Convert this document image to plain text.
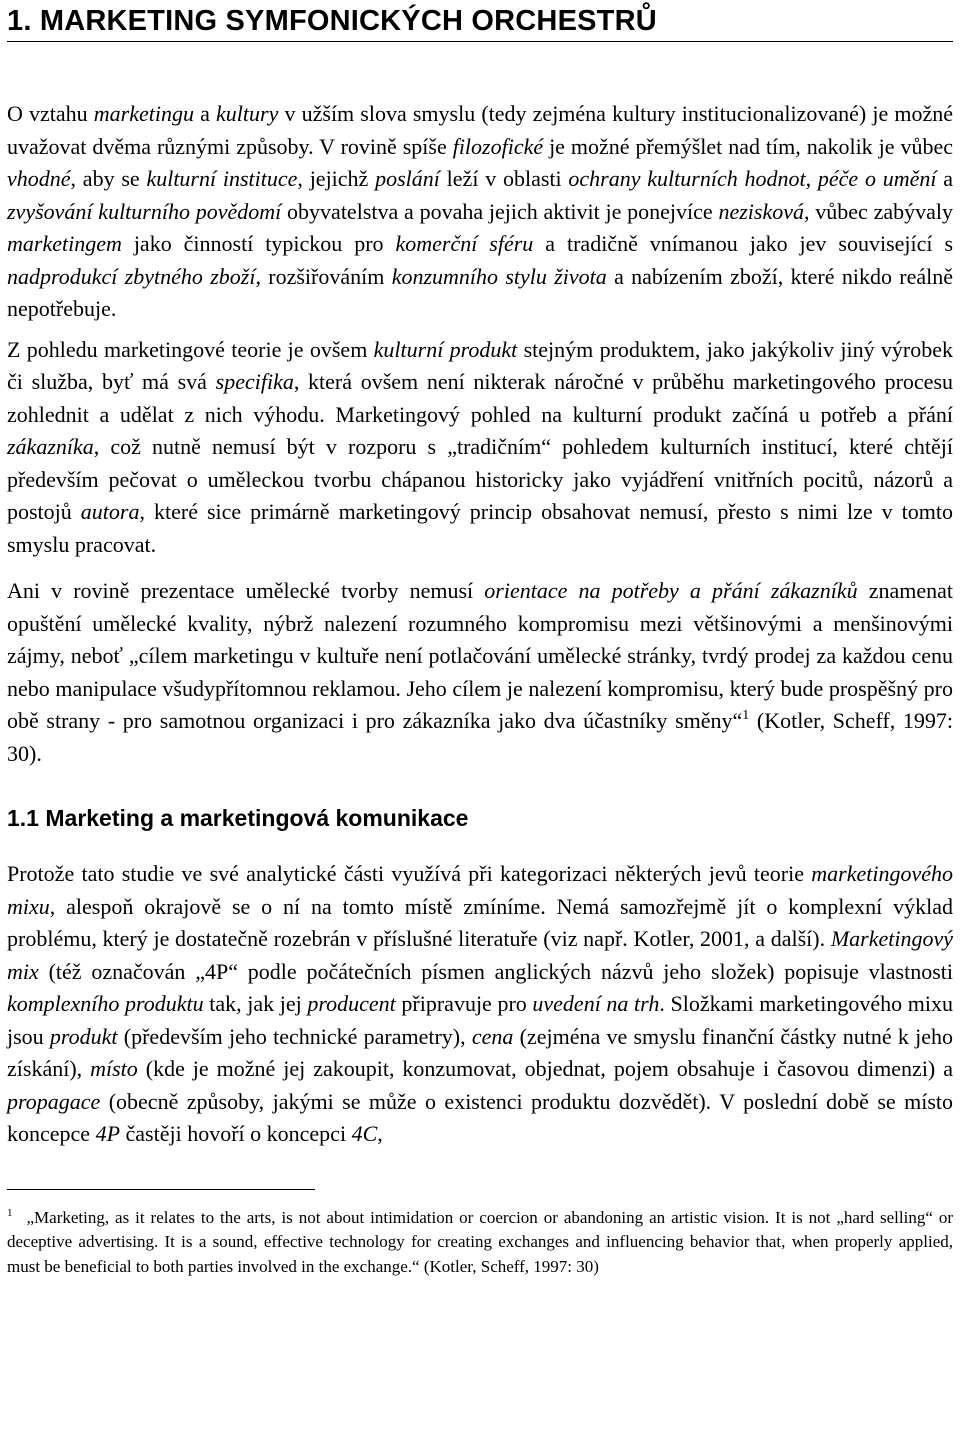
1. MARKETING SYMFONICKÝCH ORCHESTRŮ

O vztahu marketingu a kultury v užším slova smyslu (tedy zejména kultury institucionalizované) je možné uvažovat dvěma různými způsoby. V rovině spíše filozofické je možné přemýšlet nad tím, nakolik je vůbec vhodné, aby se kulturní instituce, jejichž poslání leží v oblasti ochrany kulturních hodnot, péče o umění a zvyšování kulturního povědomí obyvatelstva a povaha jejich aktivit je ponejvíce nezisková, vůbec zabývaly marketingem jako činností typickou pro komerční sféru a tradičně vnímanou jako jev související s nadprodukcí zbytného zboží, rozšiřováním konzumního stylu života a nabízením zboží, které nikdo reálně nepotřebuje.

Z pohledu marketingové teorie je ovšem kulturní produkt stejným produktem, jako jakýkoliv jiný výrobek či služba, byť má svá specifika, která ovšem není nikterak náročné v průběhu marketingového procesu zohlednit a udělat z nich výhodu. Marketingový pohled na kulturní produkt začíná u potřeb a přání zákazníka, což nutně nemusí být v rozporu s „tradičním“ pohledem kulturních institucí, které chtějí především pečovat o uměleckou tvorbu chápanou historicky jako vyjádření vnitřních pocitů, názorů a postojů autora, které sice primárně marketingový princip obsahovat nemusí, přesto s nimi lze v tomto smyslu pracovat.

Ani v rovině prezentace umělecké tvorby nemusí orientace na potřeby a přání zákazníků znamenat opuštění umělecké kvality, nýbrž nalezení rozumného kompromisu mezi většinovými a menšinovými zájmy, neboť „cílem marketingu v kultuře není potlačování umělecké stránky, tvrdý prodej za každou cenu nebo manipulace všudypřítomnou reklamou. Jeho cílem je nalezení kompromisu, který bude prospěšný pro obě strany - pro samotnou organizaci i pro zákazníka jako dva účastníky směny“$^1$ (Kotler, Scheff, 1997: 30).

1.1 Marketing a marketingová komunikace

Protože tato studie ve své analytické části využívá při kategorizaci některých jevů teorie marketingového mixu, alespoň okrajově se o ní na tomto místě zmíníme. Nemá samozřejmě jít o komplexní výklad problému, který je dostatečně rozebrán v příslušné literatuře (viz např. Kotler, 2001, a další). Marketingový mix (též označován „4P“ podle počátečních písmen anglických názvů jeho složek) popisuje vlastnosti komplexního produktu tak, jak jej producent připravuje pro uvedení na trh. Složkami marketingového mixu jsou produkt (především jeho technické parametry), cena (zejména ve smyslu finanční částky nutné k jeho získání), místo (kde je možné jej zakoupit, konzumovat, objednat, pojem obsahuje i časovou dimenzi) a propagace (obecně způsoby, jakými se může o existenci produktu dozvědět). V poslední době se místo koncepce 4P častěji hovoří o koncepci 4C,

$^1$ „Marketing, as it relates to the arts, is not about intimidation or coercion or abandoning an artistic vision. It is not „hard selling“ or deceptive advertising. It is a sound, effective technology for creating exchanges and influencing behavior that, when properly applied, must be beneficial to both parties involved in the exchange.“ (Kotler, Scheff, 1997: 30)
